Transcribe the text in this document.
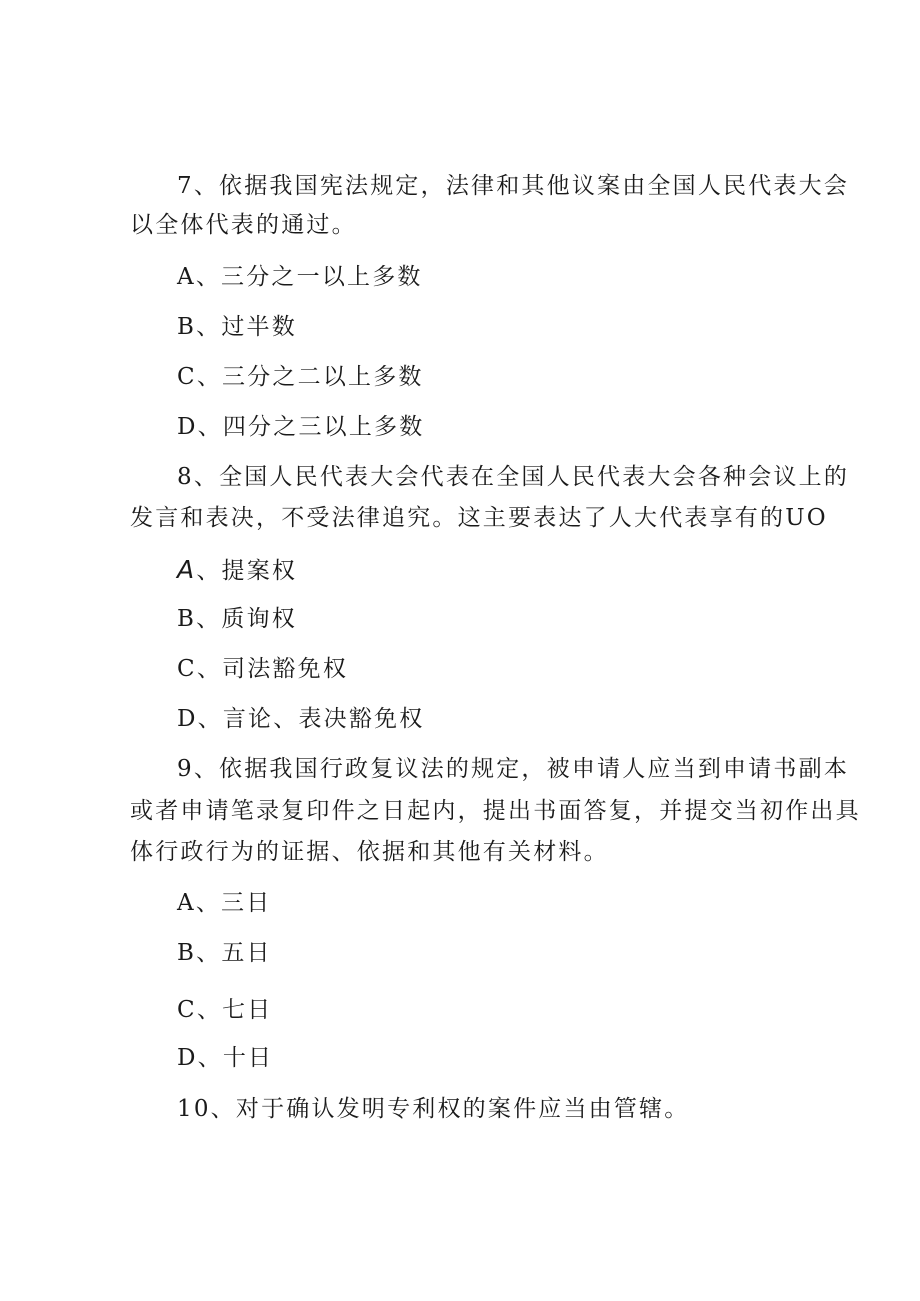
7、依据我国宪法规定，法律和其他议案由全国人民代表大会
以全体代表的通过。
A、三分之一以上多数
B、过半数
C、三分之二以上多数
D、四分之三以上多数
8、全国人民代表大会代表在全国人民代表大会各种会议上的
发言和表决，不受法律追究。这主要表达了人大代表享有的UO
A、提案权
B、质询权
C、司法豁免权
D、言论、表决豁免权
9、依据我国行政复议法的规定，被申请人应当到申请书副本
或者申请笔录复印件之日起内，提出书面答复，并提交当初作出具
体行政行为的证据、依据和其他有关材料。
A、三日
B、五日
C、七日
D、十日
10、对于确认发明专利权的案件应当由管辖。
